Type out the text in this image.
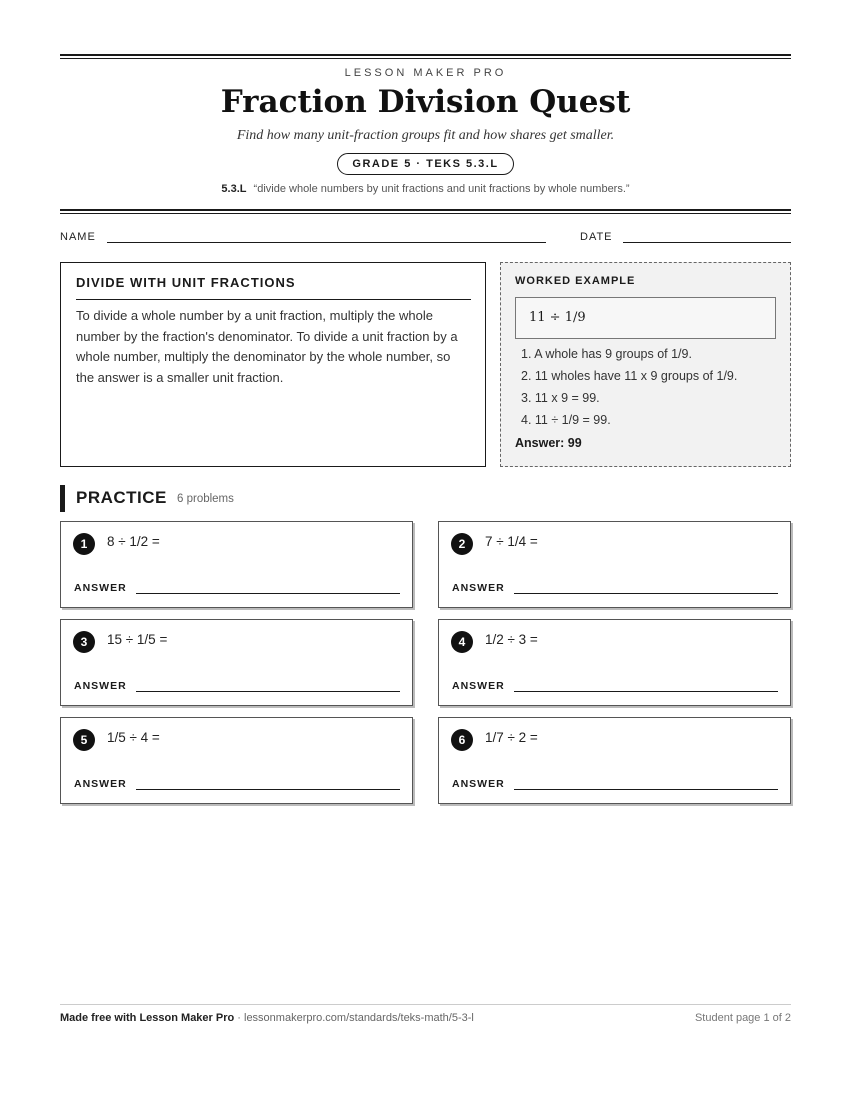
LESSON MAKER PRO
Fraction Division Quest
Find how many unit-fraction groups fit and how shares get smaller.
GRADE 5 · TEKS 5.3.L
5.3.L “divide whole numbers by unit fractions and unit fractions by whole numbers.”
NAME	DATE
DIVIDE WITH UNIT FRACTIONS

To divide a whole number by a unit fraction, multiply the whole number by the fraction's denominator. To divide a unit fraction by a whole number, multiply the denominator by the whole number, so the answer is a smaller unit fraction.

WORKED EXAMPLE
11 ÷ 1/9
1. A whole has 9 groups of 1/9.
2. 11 wholes have 11 x 9 groups of 1/9.
3. 11 x 9 = 99.
4. 11 ÷ 1/9 = 99.
Answer: 99
PRACTICE 6 problems
1	8 ÷ 1/2 =
ANSWER
2	7 ÷ 1/4 =
ANSWER
3	15 ÷ 1/5 =
ANSWER
4	1/2 ÷ 3 =
ANSWER
5	1/5 ÷ 4 =
ANSWER
6	1/7 ÷ 2 =
ANSWER
Made free with Lesson Maker Pro · lessonmakerpro.com/standards/teks-math/5-3-l	Student page 1 of 2
